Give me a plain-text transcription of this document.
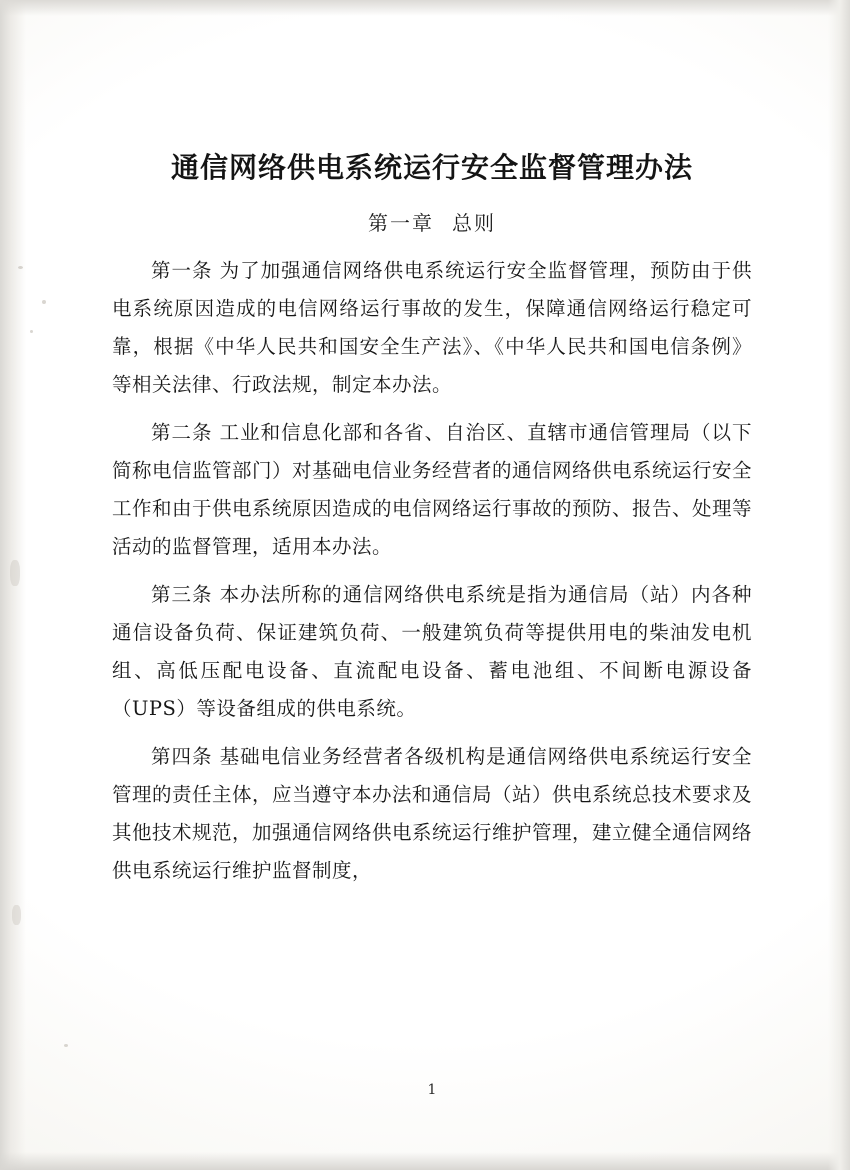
通信网络供电系统运行安全监督管理办法
第一章 总则

第一条 为了加强通信网络供电系统运行安全监督管理，预防由于供电系统原因造成的电信网络运行事故的发生，保障通信网络运行稳定可靠，根据《中华人民共和国安全生产法》、《中华人民共和国电信条例》等相关法律、行政法规，制定本办法。

第二条 工业和信息化部和各省、自治区、直辖市通信管理局（以下简称电信监管部门）对基础电信业务经营者的通信网络供电系统运行安全工作和由于供电系统原因造成的电信网络运行事故的预防、报告、处理等活动的监督管理，适用本办法。

第三条 本办法所称的通信网络供电系统是指为通信局（站）内各种通信设备负荷、保证建筑负荷、一般建筑负荷等提供用电的柴油发电机组、高低压配电设备、直流配电设备、蓄电池组、不间断电源设备（UPS）等设备组成的供电系统。

第四条 基础电信业务经营者各级机构是通信网络供电系统运行安全管理的责任主体，应当遵守本办法和通信局（站）供电系统总技术要求及其他技术规范，加强通信网络供电系统运行维护管理，建立健全通信网络供电系统运行维护监督制度，

1
